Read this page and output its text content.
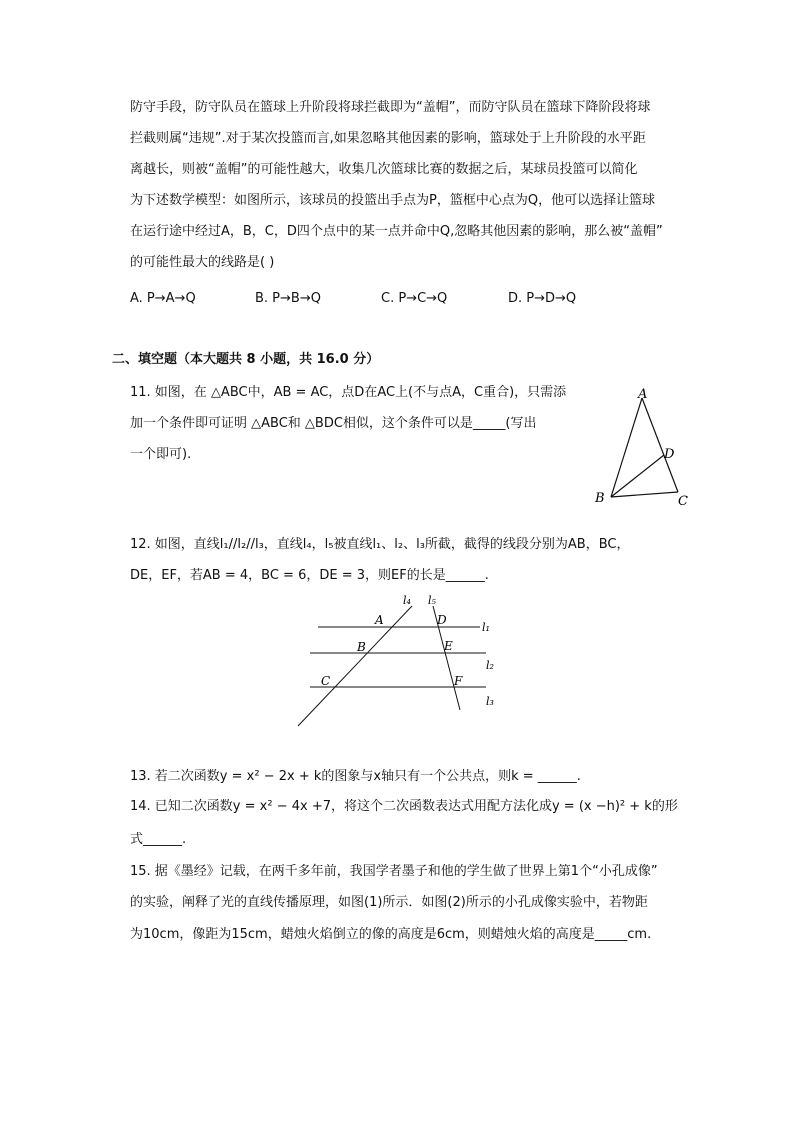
防守手段，防守队员在篮球上升阶段将球拦截即为“盖帽”，而防守队员在篮球下降阶段将球
拦截则属“违规”.对于某次投篮而言,如果忽略其他因素的影响，篮球处于上升阶段的水平距
离越长，则被“盖帽”的可能性越大，收集几次篮球比赛的数据之后，某球员投篮可以简化
为下述数学模型：如图所示，该球员的投篮出手点为P，篮框中心点为Q，他可以选择让篮球
在运行途中经过A，B，C，D四个点中的某一点并命中Q,忽略其他因素的影响，那么被“盖帽”
的可能性最大的线路是( )
A. P→A→Q	B. P→B→Q	C. P→C→Q	D. P→D→Q
二、填空题（本大题共 8 小题，共 16.0 分）
11. 如图，在 △ABC中，AB = AC，点D在AC上(不与点A，C重合)，只需添
加一个条件即可证明 △ABC和 △BDC相似，这个条件可以是_____(写出
一个即可).
A
B	C
D
12. 如图，直线l₁//l₂//l₃，直线l₄，l₅被直线l₁、l₂、l₃所截，截得的线段分别为AB，BC，
DE，EF，若AB = 4，BC = 6，DE = 3，则EF的长是______.
l₄ l₅
l₁
l₂
l₃
A
B
C
D
E
F
13. 若二次函数y = x² − 2x + k的图象与x轴只有一个公共点，则k = ______.
14. 已知二次函数y = x² − 4x +7，将这个二次函数表达式用配方法化成y = (x −h)² + k的形
式______.
15. 据《墨经》记载，在两千多年前，我国学者墨子和他的学生做了世界上第1个“小孔成像”
的实验，阐释了光的直线传播原理，如图(1)所示．如图(2)所示的小孔成像实验中，若物距
为10cm，像距为15cm，蜡烛火焰倒立的像的高度是6cm，则蜡烛火焰的高度是_____cm.
